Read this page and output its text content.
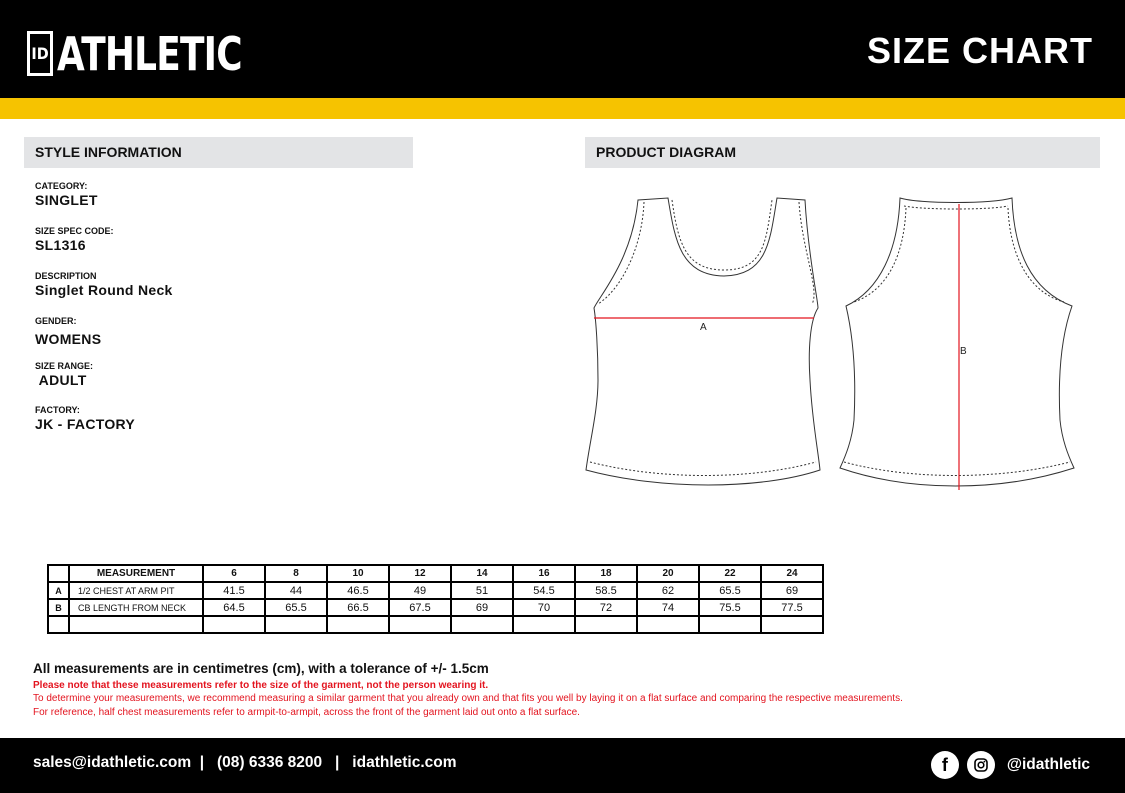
ID ATHLETIC	SIZE CHART
STYLE INFORMATION	PRODUCT DIAGRAM
CATEGORY:
SINGLET
SIZE SPEC CODE:
SL1316
DESCRIPTION
Singlet Round Neck
GENDER:
WOMENS
SIZE RANGE:
ADULT
FACTORY:
JK - FACTORY
A
B
	MEASUREMENT	6	8	10	12	14	16	18	20	22	24
A	1/2 CHEST AT ARM PIT	41.5	44	46.5	49	51	54.5	58.5	62	65.5	69
B	CB LENGTH FROM NECK	64.5	65.5	66.5	67.5	69	70	72	74	75.5	77.5

All measurements are in centimetres (cm), with a tolerance of +/- 1.5cm
Please note that these measurements refer to the size of the garment, not the person wearing it.
To determine your measurements, we recommend measuring a similar garment that you already own and that fits you well by laying it on a flat surface and comparing the respective measurements.
For reference, half chest measurements refer to armpit-to-armpit, across the front of the garment laid out onto a flat surface.
sales@idathletic.com  |   (08) 6336 8200   |   idathletic.com	f	@idathletic
